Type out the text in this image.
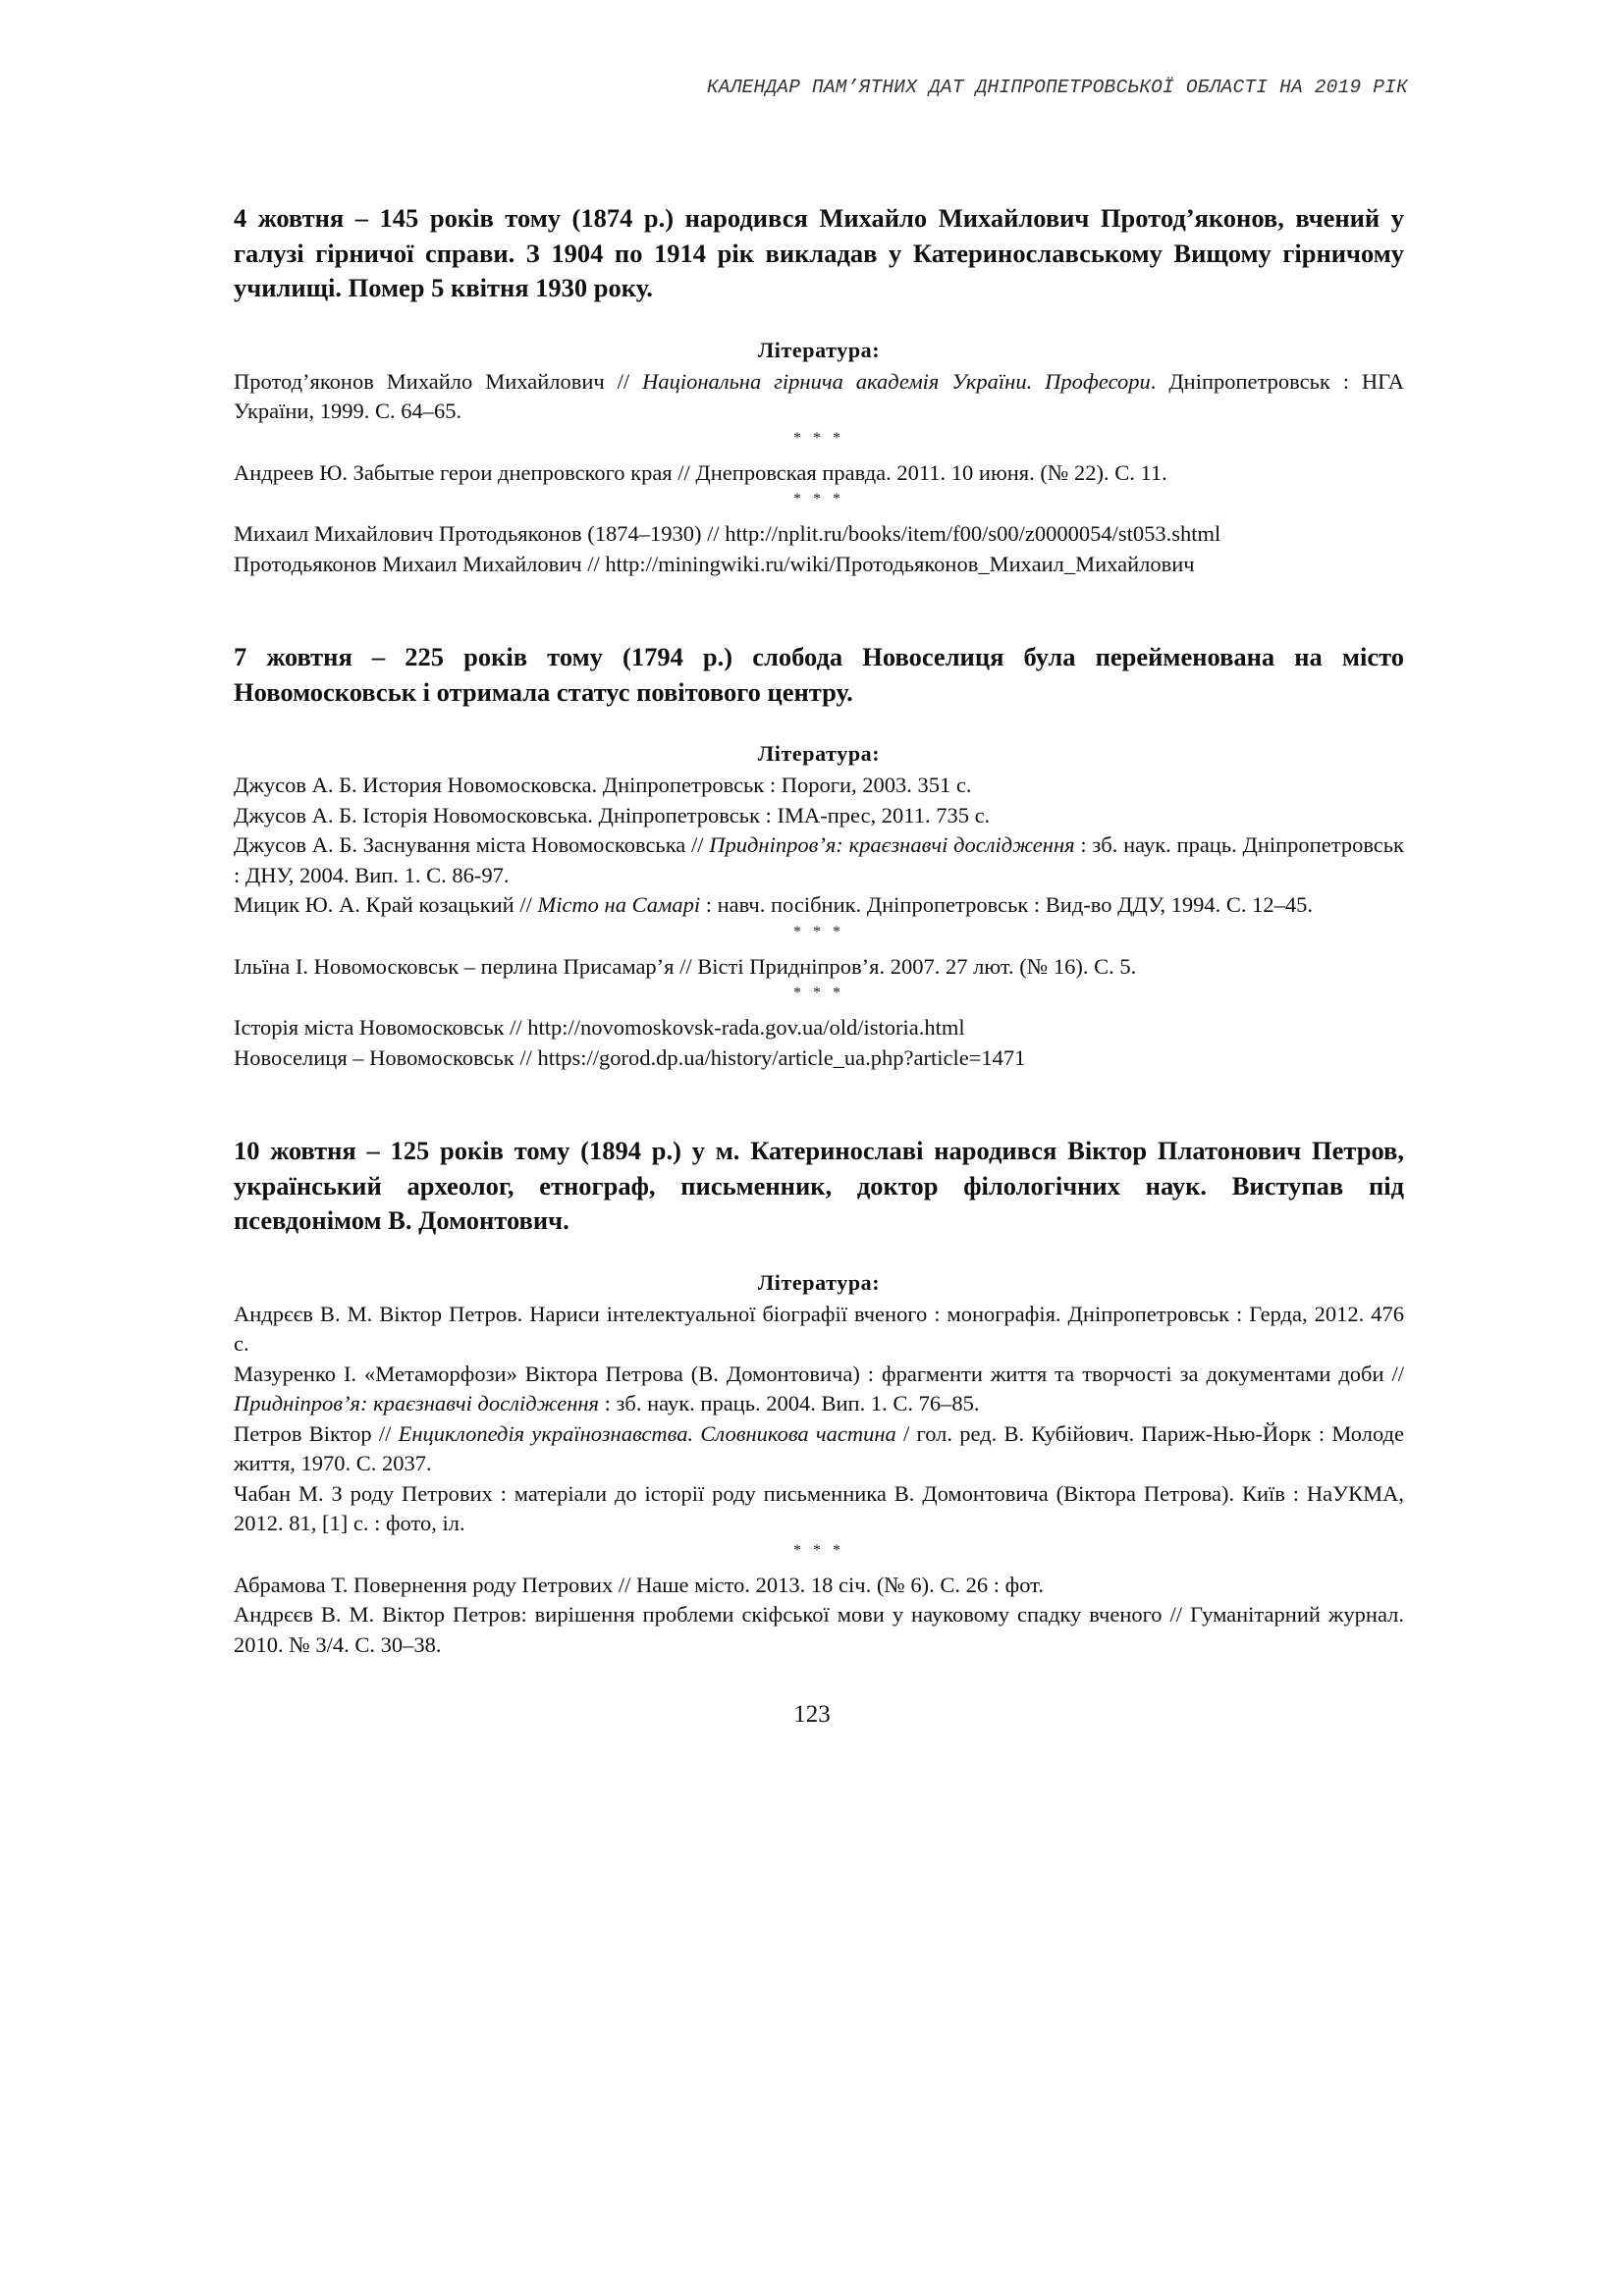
КАЛЕНДАР ПАМ’ЯТНИХ ДАТ ДНІПРОПЕТРОВСЬКОЇ ОБЛАСТІ НА 2019 РІК

4 жовтня – 145 років тому (1874 р.) народився Михайло Михайлович Протод’яконов, вчений у галузі гірничої справи. З 1904 по 1914 рік викладав у Катеринославському Вищому гірничому училищі. Помер 5 квітня 1930 року.

Література:

Протод’яконов Михайло Михайлович // Національна гірнича академія України. Професори. Дніпропетровськ : НГА України, 1999. С. 64–65.

* * *

Андреев Ю. Забытые герои днепровского края // Днепровская правда. 2011. 10 июня. (№ 22). С. 11.

* * *

Михаил Михайлович Протодьяконов (1874–1930) // http://nplit.ru/books/item/f00/s00/z0000054/st053.shtml

Протодьяконов Михаил Михайлович // http://miningwiki.ru/wiki/Протодьяконов_Михаил_Михайлович

7 жовтня – 225 років тому (1794 р.) слобода Новоселиця була перейменована на місто Новомосковськ і отримала статус повітового центру.

Література:

Джусов А. Б. История Новомосковска. Дніпропетровськ : Пороги, 2003. 351 с.

Джусов А. Б. Історія Новомосковська. Дніпропетровськ : ІМА-прес, 2011. 735 с.

Джусов А. Б. Заснування міста Новомосковська // Придніпров’я: краєзнавчі дослідження : зб. наук. праць. Дніпропетровськ : ДНУ, 2004. Вип. 1. С. 86-97.

Мицик Ю. А. Край козацький // Місто на Самарі : навч. посібник. Дніпропетровськ : Вид-во ДДУ, 1994. С. 12–45.

* * *

Ільїна І. Новомосковськ – перлина Присамар’я // Вісті Придніпров’я. 2007. 27 лют. (№ 16). С. 5.

* * *

Історія міста Новомосковськ // http://novomoskovsk-rada.gov.ua/old/istoria.html

Новоселиця – Новомосковськ // https://gorod.dp.ua/history/article_ua.php?article=1471

10 жовтня – 125 років тому (1894 р.) у м. Катеринославі народився Віктор Платонович Петров, український археолог, етнограф, письменник, доктор філологічних наук. Виступав під псевдонімом В. Домонтович.

Література:

Андрєєв В. М. Віктор Петров. Нариси інтелектуальної біографії вченого : монографія. Дніпропетровськ : Герда, 2012. 476 с.

Мазуренко І. «Метаморфози» Віктора Петрова (В. Домонтовича) : фрагменти життя та творчості за документами доби // Придніпров’я: краєзнавчі дослідження : зб. наук. праць. 2004. Вип. 1. С. 76–85.

Петров Віктор // Енциклопедія українознавства. Словникова частина / гол. ред. В. Кубійович. Париж-Нью-Йорк : Молоде життя, 1970. С. 2037.

Чабан М. З роду Петрових : матеріали до історії роду письменника В. Домонтовича (Віктора Петрова). Київ : НаУКМА, 2012. 81, [1] с. : фото, іл.

* * *

Абрамова Т. Повернення роду Петрових // Наше місто. 2013. 18 січ. (№ 6). С. 26 : фот.

Андрєєв В. М. Віктор Петров: вирішення проблеми скіфської мови у науковому спадку вченого // Гуманітарний журнал. 2010. № 3/4. С. 30–38.

123
